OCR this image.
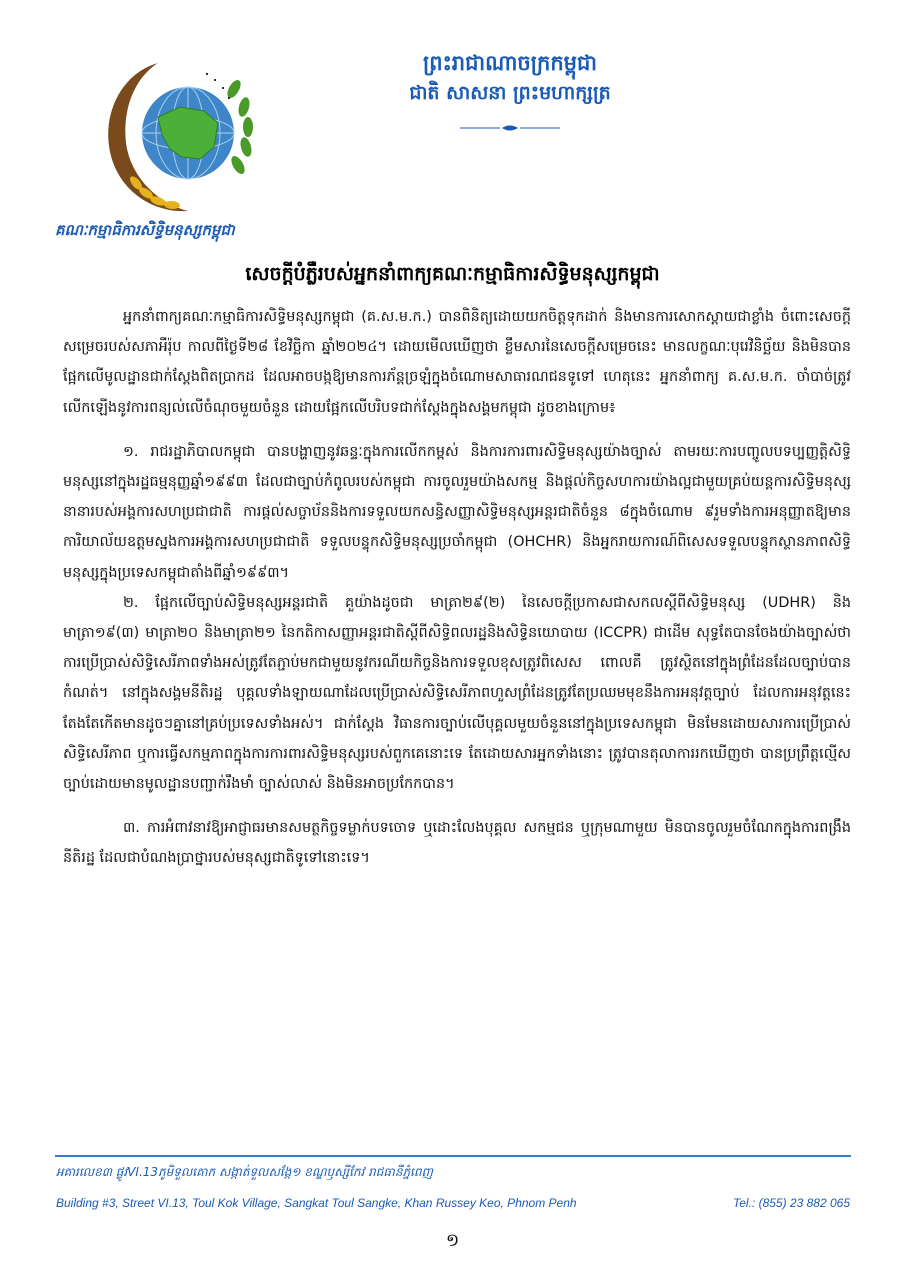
ព្រះរាជាណាចក្រកម្ពុជា
ជាតិ សាសនា ព្រះមហាក្សត្រ
គណៈកម្មាធិការសិទ្ធិមនុស្សកម្ពុជា
សេចក្ដីបំភ្លឺរបស់អ្នកនាំពាក្យគណៈកម្មាធិការសិទ្ធិមនុស្សកម្ពុជា

អ្នកនាំពាក្យគណៈកម្មាធិការសិទ្ធិមនុស្សកម្ពុជា (គ.ស.ម.ក.) បានពិនិត្យដោយយកចិត្តទុកដាក់ និងមានការសោកស្ដាយជាខ្លាំង ចំពោះសេចក្ដីសម្រេចរបស់សភាអឺរ៉ុប កាលពីថ្ងៃទី២៨ ខែវិច្ឆិកា ឆ្នាំ២០២៤។ ដោយមើលឃើញថា ខ្លឹមសារនៃសេចក្ដីសម្រេចនេះ មានលក្ខណៈបុរេវិនិច្ឆ័យ និងមិនបានផ្អែកលើមូលដ្ឋានជាក់ស្ដែងពិតប្រាកដ ដែលអាចបង្កឱ្យមានការភ័ន្តច្រឡំក្នុងចំណោមសាធារណជនទូទៅ ហេតុនេះ អ្នកនាំពាក្យ គ.ស.ម.ក. ចាំបាច់ត្រូវលើកឡើងនូវការពន្យល់លើចំណុចមួយចំនួន ដោយផ្អែកលើបរិបទជាក់ស្ដែងក្នុងសង្គមកម្ពុជា ដូចខាងក្រោម៖

១. រាជរដ្ឋាភិបាលកម្ពុជា បានបង្ហាញនូវឆន្ទៈក្នុងការលើកកម្ពស់ និងការការពារសិទ្ធិមនុស្សយ៉ាងច្បាស់ តាមរយៈការបញ្ចូលបទប្បញ្ញត្តិសិទ្ធិមនុស្សនៅក្នុងរដ្ឋធម្មនុញ្ញឆ្នាំ១៩៩៣ ដែលជាច្បាប់កំពូលរបស់កម្ពុជា ការចូលរួមយ៉ាងសកម្ម និងផ្ដល់កិច្ចសហការយ៉ាងល្អជាមួយគ្រប់យន្តការសិទ្ធិមនុស្សនានារបស់អង្គការសហប្រជាជាតិ ការផ្ដល់សច្ចាប័ននិងការទទួលយកសន្ធិសញ្ញាសិទ្ធិមនុស្សអន្តរជាតិចំនួន ៨ក្នុងចំណោម ៩រួមទាំងការអនុញ្ញាតឱ្យមានការិយាល័យឧត្ដមស្នងការអង្គការសហប្រជាជាតិ ទទួលបន្ទុកសិទ្ធិមនុស្សប្រចាំកម្ពុជា (OHCHR) និងអ្នករាយការណ៍ពិសេសទទួលបន្ទុកស្ថានភាពសិទ្ធិមនុស្សក្នុងប្រទេសកម្ពុជាតាំងពីឆ្នាំ១៩៩៣។

២. ផ្អែកលើច្បាប់សិទ្ធិមនុស្សអន្តរជាតិ គួយ៉ាងដូចជា មាត្រា២៩(២) នៃសេចក្ដីប្រកាសជាសកលស្ដីពីសិទ្ធិមនុស្ស (UDHR) និងមាត្រា១៩(៣) មាត្រា២០ និងមាត្រា២១ នៃកតិកាសញ្ញាអន្តរជាតិស្ដីពីសិទ្ធិពលរដ្ឋនិងសិទ្ធិនយោបាយ (ICCPR) ជាដើម សុទ្ធតែបានចែងយ៉ាងច្បាស់ថា ការប្រើប្រាស់សិទ្ធិសេរីភាពទាំងអស់ត្រូវតែភ្ជាប់មកជាមួយនូវករណីយកិច្ចនិងការទទួលខុសត្រូវពិសេស ពោលគឺ ត្រូវស្ថិតនៅក្នុងព្រំដែនដែលច្បាប់បានកំណត់។ នៅក្នុងសង្គមនីតិរដ្ឋ បុគ្គលទាំងឡាយណាដែលប្រើប្រាស់សិទ្ធិសេរីភាពហួសព្រំដែនត្រូវតែប្រឈមមុខនឹងការអនុវត្តច្បាប់ ដែលការអនុវត្តនេះតែងតែកើតមានដូចៗគ្នានៅគ្រប់ប្រទេសទាំងអស់។ ជាក់ស្ដែង វិធានការច្បាប់លើបុគ្គលមួយចំនួននៅក្នុងប្រទេសកម្ពុជា មិនមែនដោយសារការប្រើប្រាស់សិទ្ធិសេរីភាព ឬការធ្វើសកម្មភាពក្នុងការការពារសិទ្ធិមនុស្សរបស់ពួកគេនោះទេ តែដោយសារអ្នកទាំងនោះ ត្រូវបានតុលាការរកឃើញថា បានប្រព្រឹត្តល្មើសច្បាប់ដោយមានមូលដ្ឋានបញ្ជាក់រឹងមាំ ច្បាស់លាស់ និងមិនអាចប្រកែកបាន។

៣. ការអំពាវនាវឱ្យអាជ្ញាធរមានសមត្ថកិច្ចទម្លាក់បទចោទ ឬដោះលែងបុគ្គល សកម្មជន ឬក្រុមណាមួយ មិនបានចូលរួមចំណែកក្នុងការពង្រឹងនីតិរដ្ឋ ដែលជាបំណងប្រាថ្នារបស់មនុស្សជាតិទូទៅនោះទេ។

អគារលេខ៣ ផ្លូវVI.13ភូមិទួលគោក សង្កាត់ទួលសង្កែ១ ខណ្ឌឫស្សីកែវ រាជធានីភ្នំពេញ
Building #3, Street VI.13, Toul Kok Village, Sangkat Toul Sangke, Khan Russey Keo, Phnom Penh	Tel.: (855) 23 882 065
១
